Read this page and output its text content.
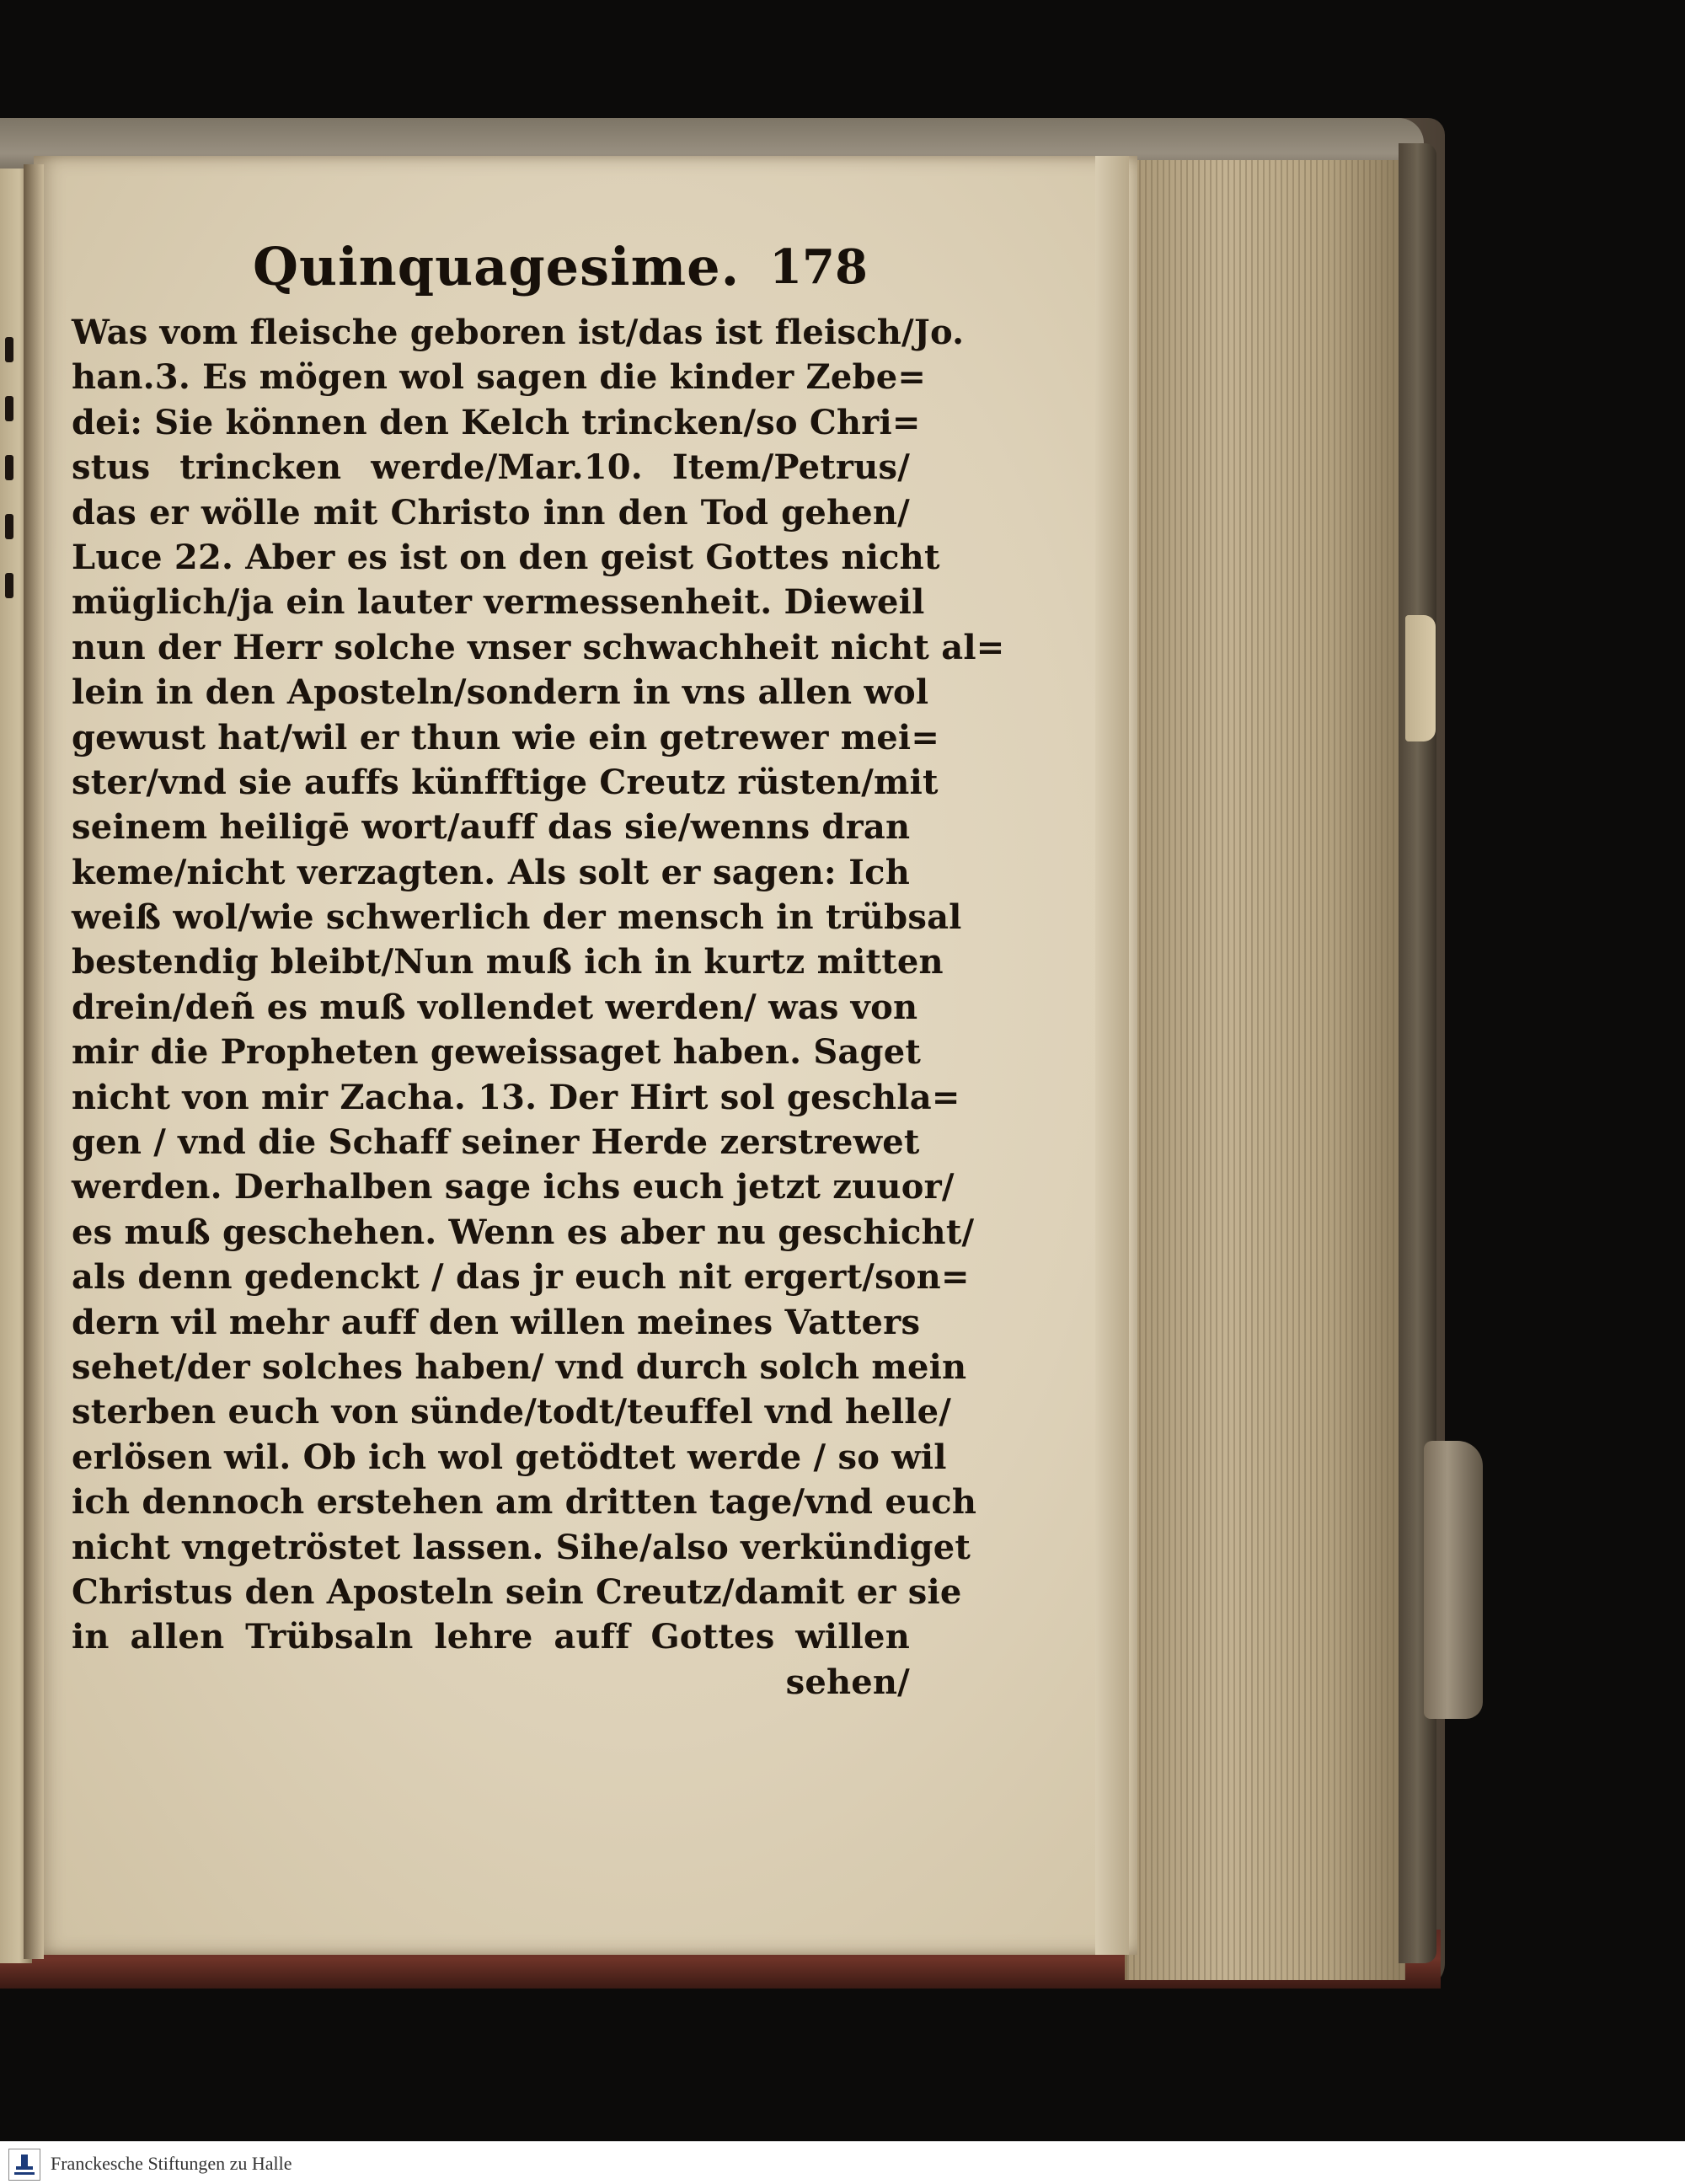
Quinquagesime. 178
Was vom fleische geboren ist/das ist fleisch/Jo.
han.3. Es mögen wol sagen die kinder Zebe=
dei: Sie können den Kelch trincken/so Chri=
stus trincken werde/Mar.10. Item/Petrus/
das er wölle mit Christo inn den Tod gehen/
Luce 22. Aber es ist on den geist Gottes nicht
müglich/ja ein lauter vermessenheit. Dieweil
nun der Herr solche vnser schwachheit nicht al=
lein in den Aposteln/sondern in vns allen wol
gewust hat/wil er thun wie ein getrewer mei=
ster/vnd sie auffs künfftige Creutz rüsten/mit
seinem heiligē wort/auff das sie/wenns dran
keme/nicht verzagten. Als solt er sagen: Ich
weiß wol/wie schwerlich der mensch in trübsal
bestendig bleibt/Nun muß ich in kurtz mitten
drein/deñ es muß vollendet werden/ was von
mir die Propheten geweissaget haben. Saget
nicht von mir Zacha. 13. Der Hirt sol geschla=
gen / vnd die Schaff seiner Herde zerstrewet
werden. Derhalben sage ichs euch jetzt zuuor/
es muß geschehen. Wenn es aber nu geschicht/
als denn gedenckt / das jr euch nit ergert/son=
dern vil mehr auff den willen meines Vatters
sehet/der solches haben/ vnd durch solch mein
sterben euch von sünde/todt/teuffel vnd helle/
erlösen wil. Ob ich wol getödtet werde / so wil
ich dennoch erstehen am dritten tage/vnd euch
nicht vngetröstet lassen. Sihe/also verkündiget
Christus den Aposteln sein Creutz/damit er sie
in allen Trübsaln lehre auff Gottes willen
sehen/
Franckesche Stiftungen zu Halle
